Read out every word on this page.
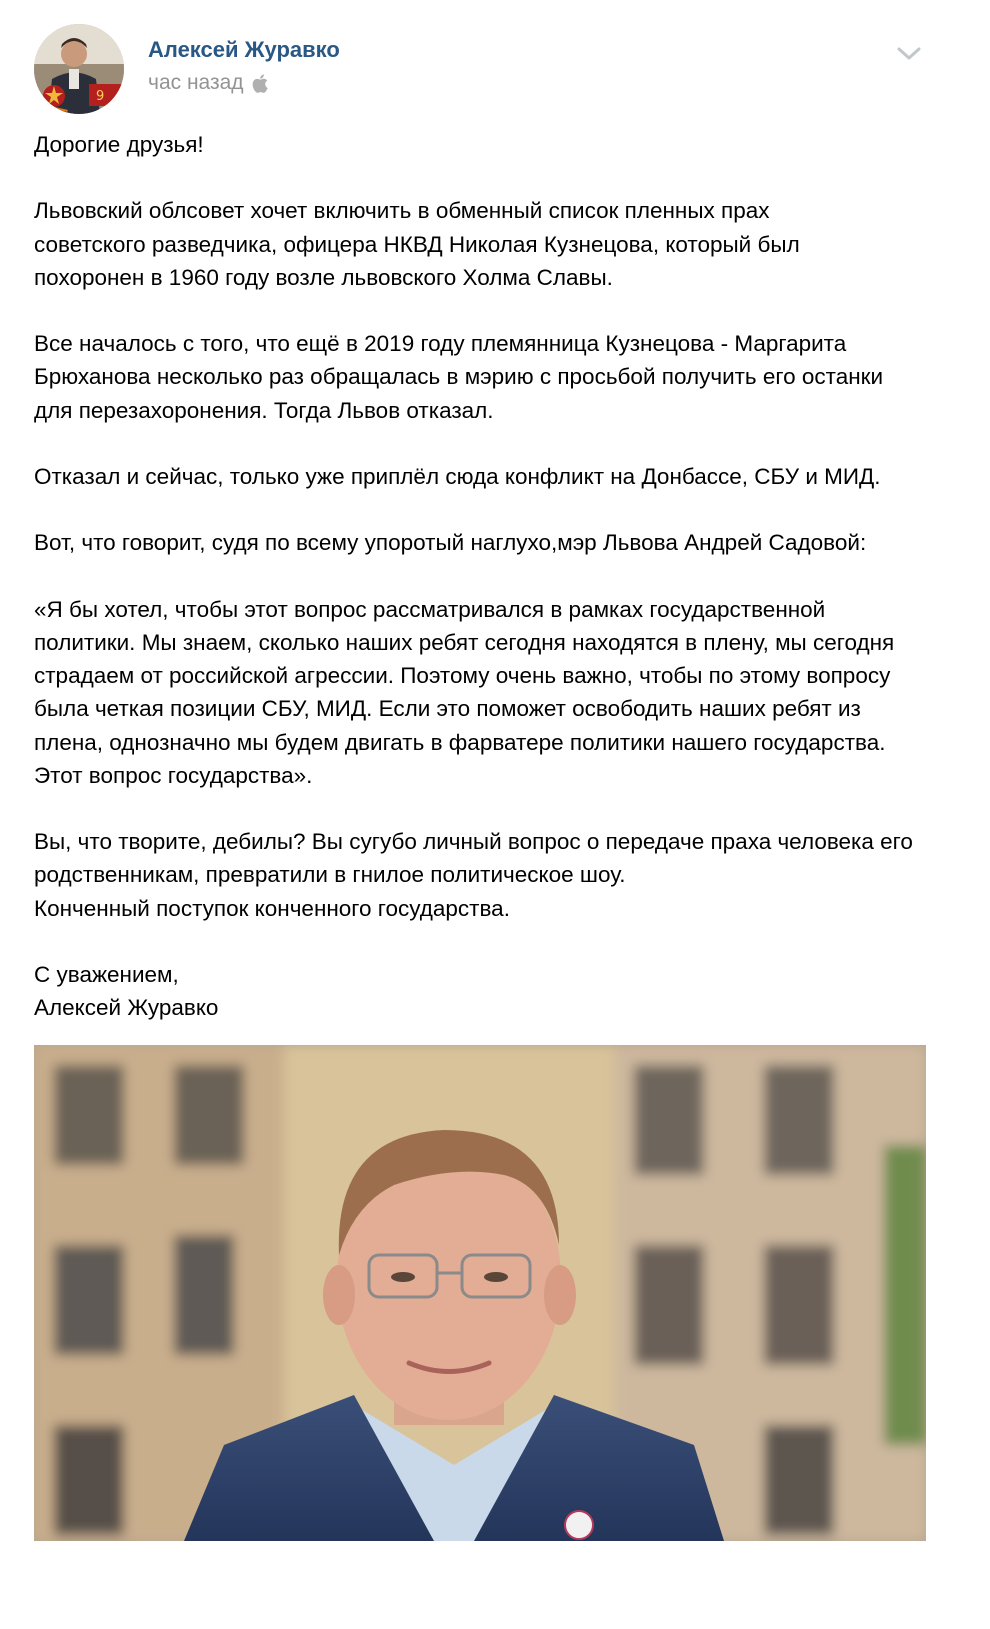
9
Алексей Журавко
час назад

Дорогие друзья!

Львовский облсовет хочет включить в обменный список пленных прах
советского разведчика, офицера НКВД Николая Кузнецова, который был
похоронен в 1960 году возле львовского Холма Славы.

Все началось с того, что ещё в 2019 году племянница Кузнецова - Маргарита
Брюханова несколько раз обращалась в мэрию с просьбой получить его останки
для перезахоронения. Тогда Львов отказал.

Отказал и сейчас, только уже приплёл сюда конфликт на Донбассе, СБУ и МИД.

Вот, что говорит, судя по всему упоротый наглухо,мэр Львова Андрей Садовой:

«Я бы хотел, чтобы этот вопрос рассматривался в рамках государственной
политики. Мы знаем, сколько наших ребят сегодня находятся в плену, мы сегодня
страдаем от российской агрессии. Поэтому очень важно, чтобы по этому вопросу
была четкая позиции СБУ, МИД. Если это поможет освободить наших ребят из
плена, однозначно мы будем двигать в фарватере политики нашего государства.
Этот вопрос государства».

Вы, что творите, дебилы? Вы сугубо личный вопрос о передаче праха человека его
родственникам, превратили в гнилое политическое шоу.
Конченный поступок конченного государства.

С уважением,
Алексей Журавко
